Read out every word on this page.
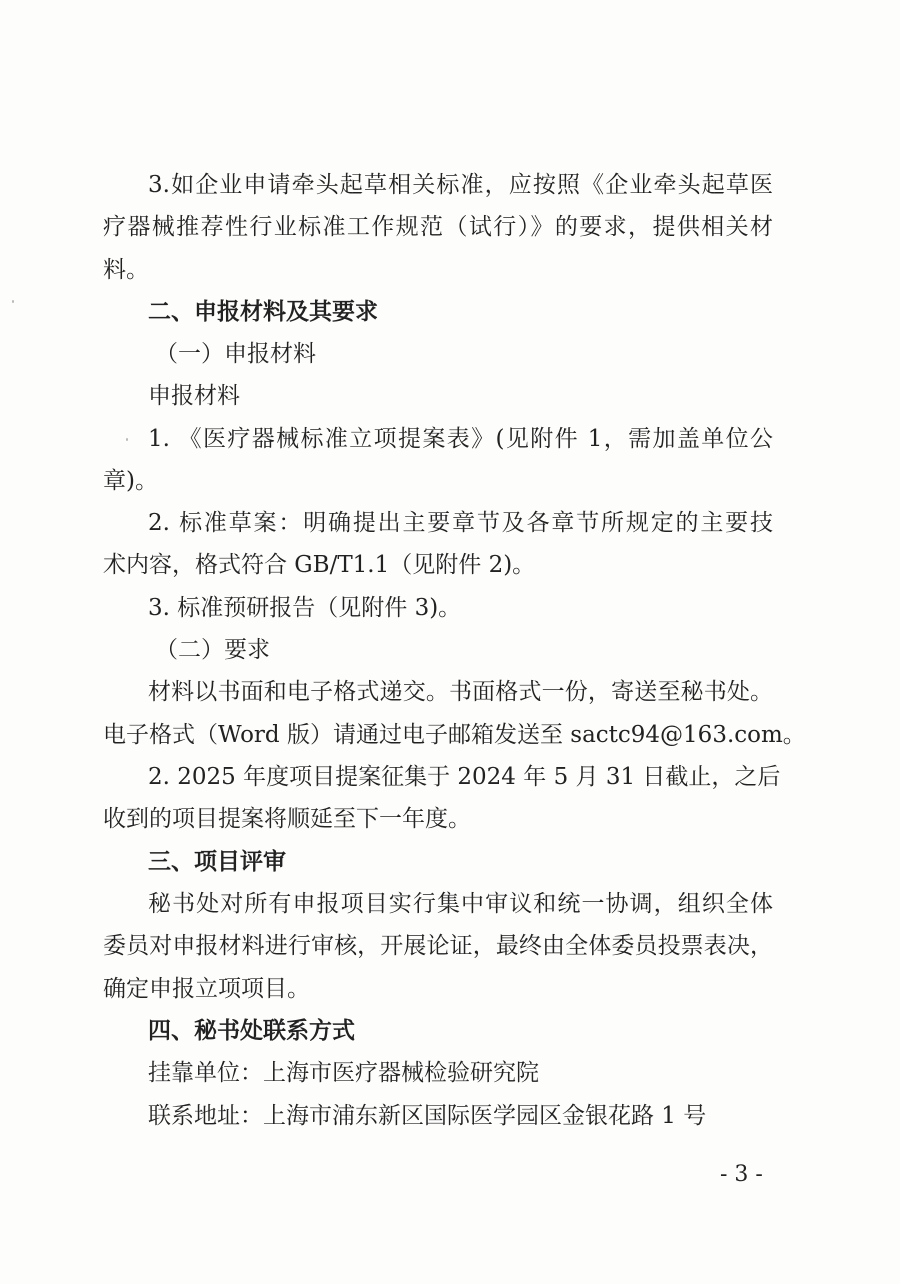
3.如企业申请牵头起草相关标准，应按照《企业牵头起草医
疗器械推荐性行业标准工作规范（试行）》的要求，提供相关材
料。
二、申报材料及其要求
（一）申报材料
申报材料
1. 《医疗器械标准立项提案表》(见附件 1，需加盖单位公
章)。
2. 标准草案：明确提出主要章节及各章节所规定的主要技
术内容，格式符合 GB/T1.1（见附件 2)。
3. 标准预研报告（见附件 3)。
（二）要求
材料以书面和电子格式递交。书面格式一份，寄送至秘书处。
电子格式（Word 版）请通过电子邮箱发送至 sactc94@163.com。
2. 2025 年度项目提案征集于 2024 年 5 月 31 日截止，之后
收到的项目提案将顺延至下一年度。
三、项目评审
秘书处对所有申报项目实行集中审议和统一协调，组织全体
委员对申报材料进行审核，开展论证，最终由全体委员投票表决，
确定申报立项项目。
四、秘书处联系方式
挂靠单位：上海市医疗器械检验研究院
联系地址：上海市浦东新区国际医学园区金银花路 1 号
- 3 -
